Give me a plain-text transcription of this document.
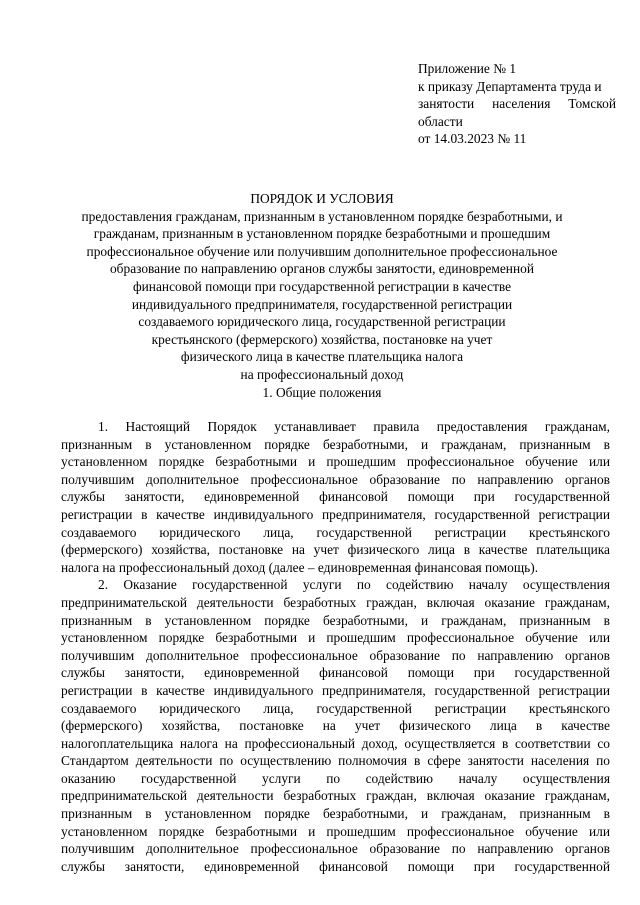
Приложение № 1
к приказу Департамента труда и
занятости населения Томской
области
от 14.03.2023 № 11
ПОРЯДОК И УСЛОВИЯ
предоставления гражданам, признанным в установленном порядке безработными, и
гражданам, признанным в установленном порядке безработными и прошедшим
профессиональное обучение или получившим дополнительное профессиональное
образование по направлению органов службы занятости, единовременной
финансовой помощи при государственной регистрации в качестве
индивидуального предпринимателя, государственной регистрации
создаваемого юридического лица, государственной регистрации
крестьянского (фермерского) хозяйства, постановке на учет
физического лица в качестве плательщика налога
на профессиональный доход
1. Общие положения
1. Настоящий Порядок устанавливает правила предоставления гражданам,
признанным в установленном порядке безработными, и гражданам, признанным в
установленном порядке безработными и прошедшим профессиональное обучение или
получившим дополнительное профессиональное образование по направлению органов
службы занятости, единовременной финансовой помощи при государственной
регистрации в качестве индивидуального предпринимателя, государственной регистрации
создаваемого юридического лица, государственной регистрации крестьянского
(фермерского) хозяйства, постановке на учет физического лица в качестве плательщика
налога на профессиональный доход (далее – единовременная финансовая помощь).
2. Оказание государственной услуги по содействию началу осуществления
предпринимательской деятельности безработных граждан, включая оказание гражданам,
признанным в установленном порядке безработными, и гражданам, признанным в
установленном порядке безработными и прошедшим профессиональное обучение или
получившим дополнительное профессиональное образование по направлению органов
службы занятости, единовременной финансовой помощи при государственной
регистрации в качестве индивидуального предпринимателя, государственной регистрации
создаваемого юридического лица, государственной регистрации крестьянского
(фермерского) хозяйства, постановке на учет физического лица в качестве
налогоплательщика налога на профессиональный доход, осуществляется в соответствии со
Стандартом деятельности по осуществлению полномочия в сфере занятости населения по
оказанию государственной услуги по содействию началу осуществления
предпринимательской деятельности безработных граждан, включая оказание гражданам,
признанным в установленном порядке безработными, и гражданам, признанным в
установленном порядке безработными и прошедшим профессиональное обучение или
получившим дополнительное профессиональное образование по направлению органов
службы занятости, единовременной финансовой помощи при государственной
